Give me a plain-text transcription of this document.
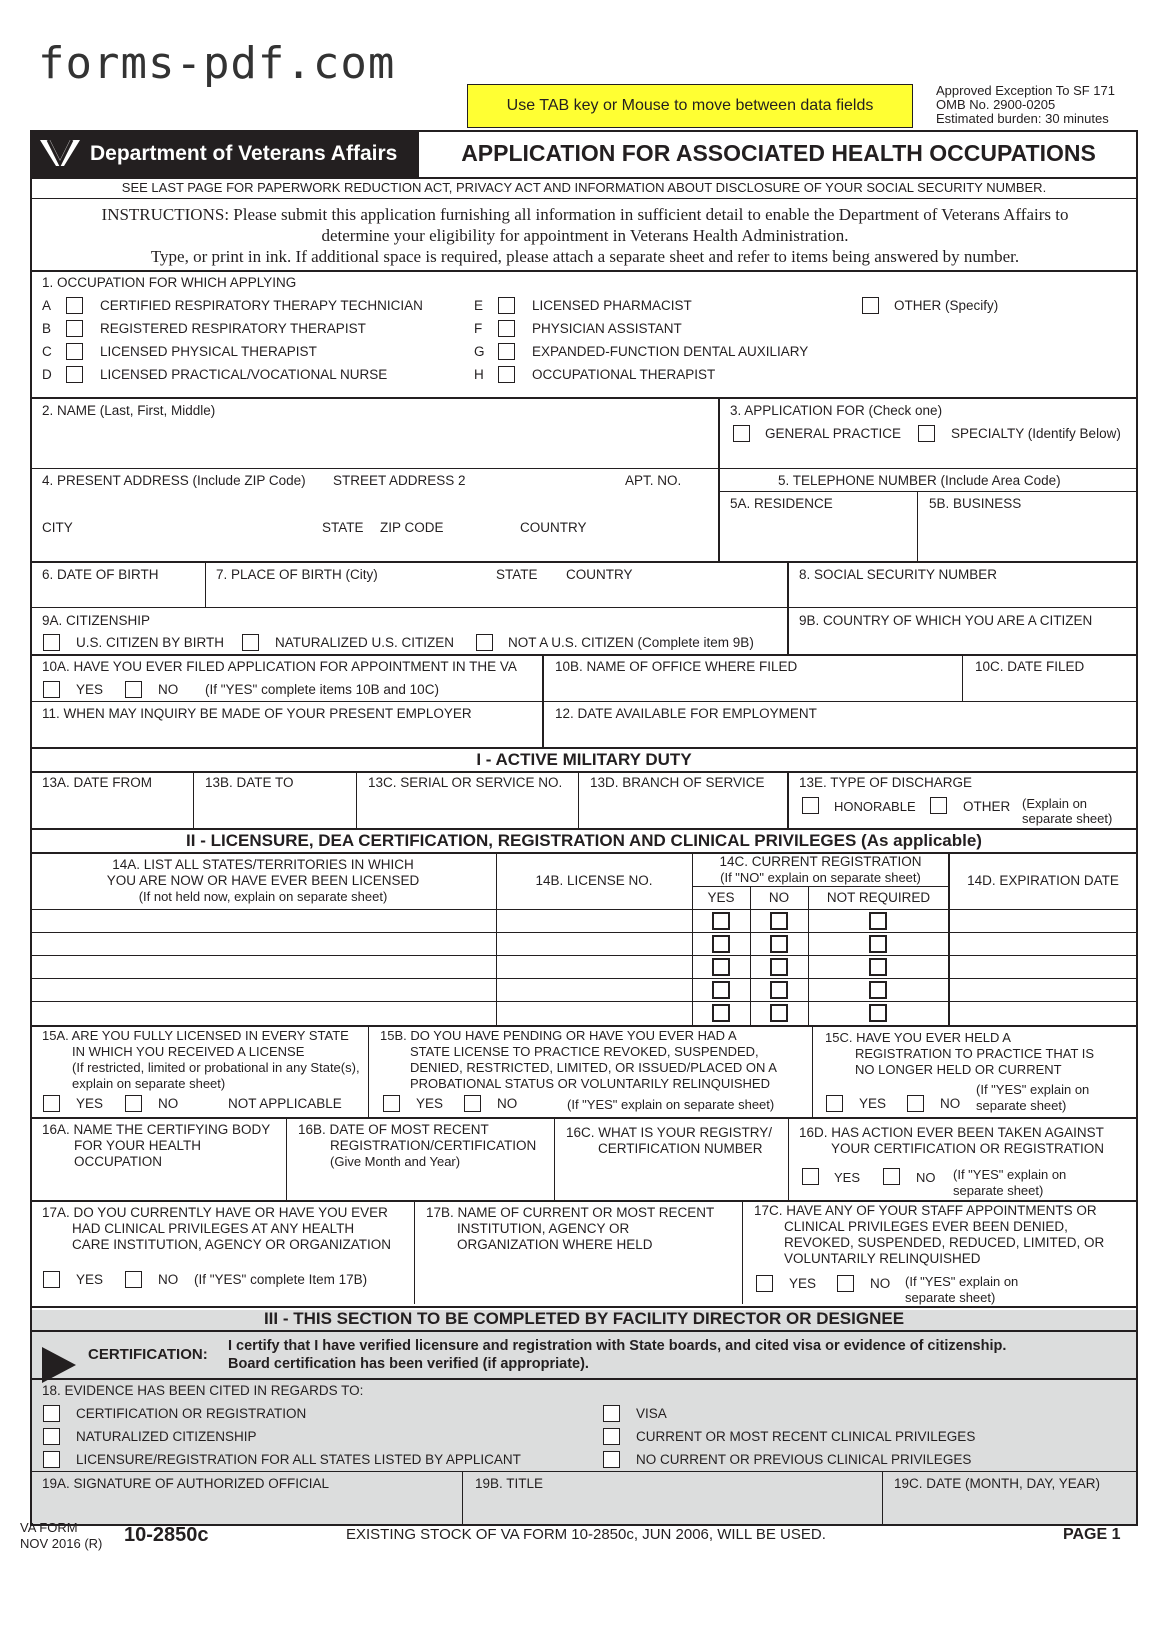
forms-pdf.com
Use TAB key or Mouse to move between data fields
Approved Exception To SF 171
OMB No. 2900-0205
Estimated burden: 30 minutes
Department of Veterans Affairs	APPLICATION FOR ASSOCIATED HEALTH OCCUPATIONS
SEE LAST PAGE FOR PAPERWORK REDUCTION ACT, PRIVACY ACT AND INFORMATION ABOUT DISCLOSURE OF YOUR SOCIAL SECURITY NUMBER.
INSTRUCTIONS: Please submit this application furnishing all information in sufficient detail to enable the Department of Veterans Affairs to
determine your eligibility for appointment in Veterans Health Administration.
Type, or print in ink. If additional space is required, please attach a separate sheet and refer to items being answered by number.
1. OCCUPATION FOR WHICH APPLYING
A	CERTIFIED RESPIRATORY THERAPY TECHNICIAN
B	REGISTERED RESPIRATORY THERAPIST
C	LICENSED PHYSICAL THERAPIST
D	LICENSED PRACTICAL/VOCATIONAL NURSE
E	LICENSED PHARMACIST
F	PHYSICIAN ASSISTANT
G	EXPANDED-FUNCTION DENTAL AUXILIARY
H	OCCUPATIONAL THERAPIST
OTHER (Specify)
2. NAME (Last, First, Middle)	3. APPLICATION FOR (Check one)
GENERAL PRACTICE	SPECIALTY (Identify Below)
4. PRESENT ADDRESS (Include ZIP Code) STREET ADDRESS 2	APT. NO.
CITY	STATE ZIP CODE	COUNTRY
5. TELEPHONE NUMBER (Include Area Code)
5A. RESIDENCE	5B. BUSINESS
6. DATE OF BIRTH	7. PLACE OF BIRTH (City)	STATE COUNTRY	8. SOCIAL SECURITY NUMBER
9A. CITIZENSHIP
U.S. CITIZEN BY BIRTH	NATURALIZED U.S. CITIZEN	NOT A U.S. CITIZEN (Complete item 9B)
9B. COUNTRY OF WHICH YOU ARE A CITIZEN
10A. HAVE YOU EVER FILED APPLICATION FOR APPOINTMENT IN THE VA
YES	NO (If "YES" complete items 10B and 10C)
10B. NAME OF OFFICE WHERE FILED	10C. DATE FILED
11. WHEN MAY INQUIRY BE MADE OF YOUR PRESENT EMPLOYER	12. DATE AVAILABLE FOR EMPLOYMENT
I - ACTIVE MILITARY DUTY
13A. DATE FROM	13B. DATE TO	13C. SERIAL OR SERVICE NO. 13D. BRANCH OF SERVICE	13E. TYPE OF DISCHARGE
HONORABLE	OTHER (Explain on
separate sheet)
II - LICENSURE, DEA CERTIFICATION, REGISTRATION AND CLINICAL PRIVILEGES (As applicable)
14A. LIST ALL STATES/TERRITORIES IN WHICH
YOU ARE NOW OR HAVE EVER BEEN LICENSED
(If not held now, explain on separate sheet)
14B. LICENSE NO.
14C. CURRENT REGISTRATION
(If "NO" explain on separate sheet)
YES	NO	NOT REQUIRED
14D. EXPIRATION DATE
15A. ARE YOU FULLY LICENSED IN EVERY STATE
IN WHICH YOU RECEIVED A LICENSE
(If restricted, limited or probational in any State(s),
explain on separate sheet)
YES	NO	NOT APPLICABLE
15B. DO YOU HAVE PENDING OR HAVE YOU EVER HAD A
STATE LICENSE TO PRACTICE REVOKED, SUSPENDED,
DENIED, RESTRICTED, LIMITED, OR ISSUED/PLACED ON A
PROBATIONAL STATUS OR VOLUNTARILY RELINQUISHED
YES	NO	(If "YES" explain on separate sheet)
15C. HAVE YOU EVER HELD A
REGISTRATION TO PRACTICE THAT IS
NO LONGER HELD OR CURRENT
(If "YES" explain on
separate sheet)
YES	NO
16A. NAME THE CERTIFYING BODY
FOR YOUR HEALTH
OCCUPATION
16B. DATE OF MOST RECENT
REGISTRATION/CERTIFICATION
(Give Month and Year)
16C. WHAT IS YOUR REGISTRY/
CERTIFICATION NUMBER
16D. HAS ACTION EVER BEEN TAKEN AGAINST
YOUR CERTIFICATION OR REGISTRATION
YES	NO (If "YES" explain on
separate sheet)
17A. DO YOU CURRENTLY HAVE OR HAVE YOU EVER
HAD CLINICAL PRIVILEGES AT ANY HEALTH
CARE INSTITUTION, AGENCY OR ORGANIZATION
YES	NO (If "YES" complete Item 17B)
17B. NAME OF CURRENT OR MOST RECENT
INSTITUTION, AGENCY OR
ORGANIZATION WHERE HELD
17C. HAVE ANY OF YOUR STAFF APPOINTMENTS OR
CLINICAL PRIVILEGES EVER BEEN DENIED,
REVOKED, SUSPENDED, REDUCED, LIMITED, OR
VOLUNTARILY RELINQUISHED
YES	NO (If "YES" explain on
separate sheet)
III - THIS SECTION TO BE COMPLETED BY FACILITY DIRECTOR OR DESIGNEE
CERTIFICATION: I certify that I have verified licensure and registration with State boards, and cited visa or evidence of citizenship.
Board certification has been verified (if appropriate).
18. EVIDENCE HAS BEEN CITED IN REGARDS TO:
CERTIFICATION OR REGISTRATION
NATURALIZED CITIZENSHIP
LICENSURE/REGISTRATION FOR ALL STATES LISTED BY APPLICANT
VISA
CURRENT OR MOST RECENT CLINICAL PRIVILEGES
NO CURRENT OR PREVIOUS CLINICAL PRIVILEGES
19A. SIGNATURE OF AUTHORIZED OFFICIAL	19B. TITLE	19C. DATE (MONTH, DAY, YEAR)
VA FORM
NOV 2016 (R) 10-2850c	EXISTING STOCK OF VA FORM 10-2850c, JUN 2006, WILL BE USED.	PAGE 1
